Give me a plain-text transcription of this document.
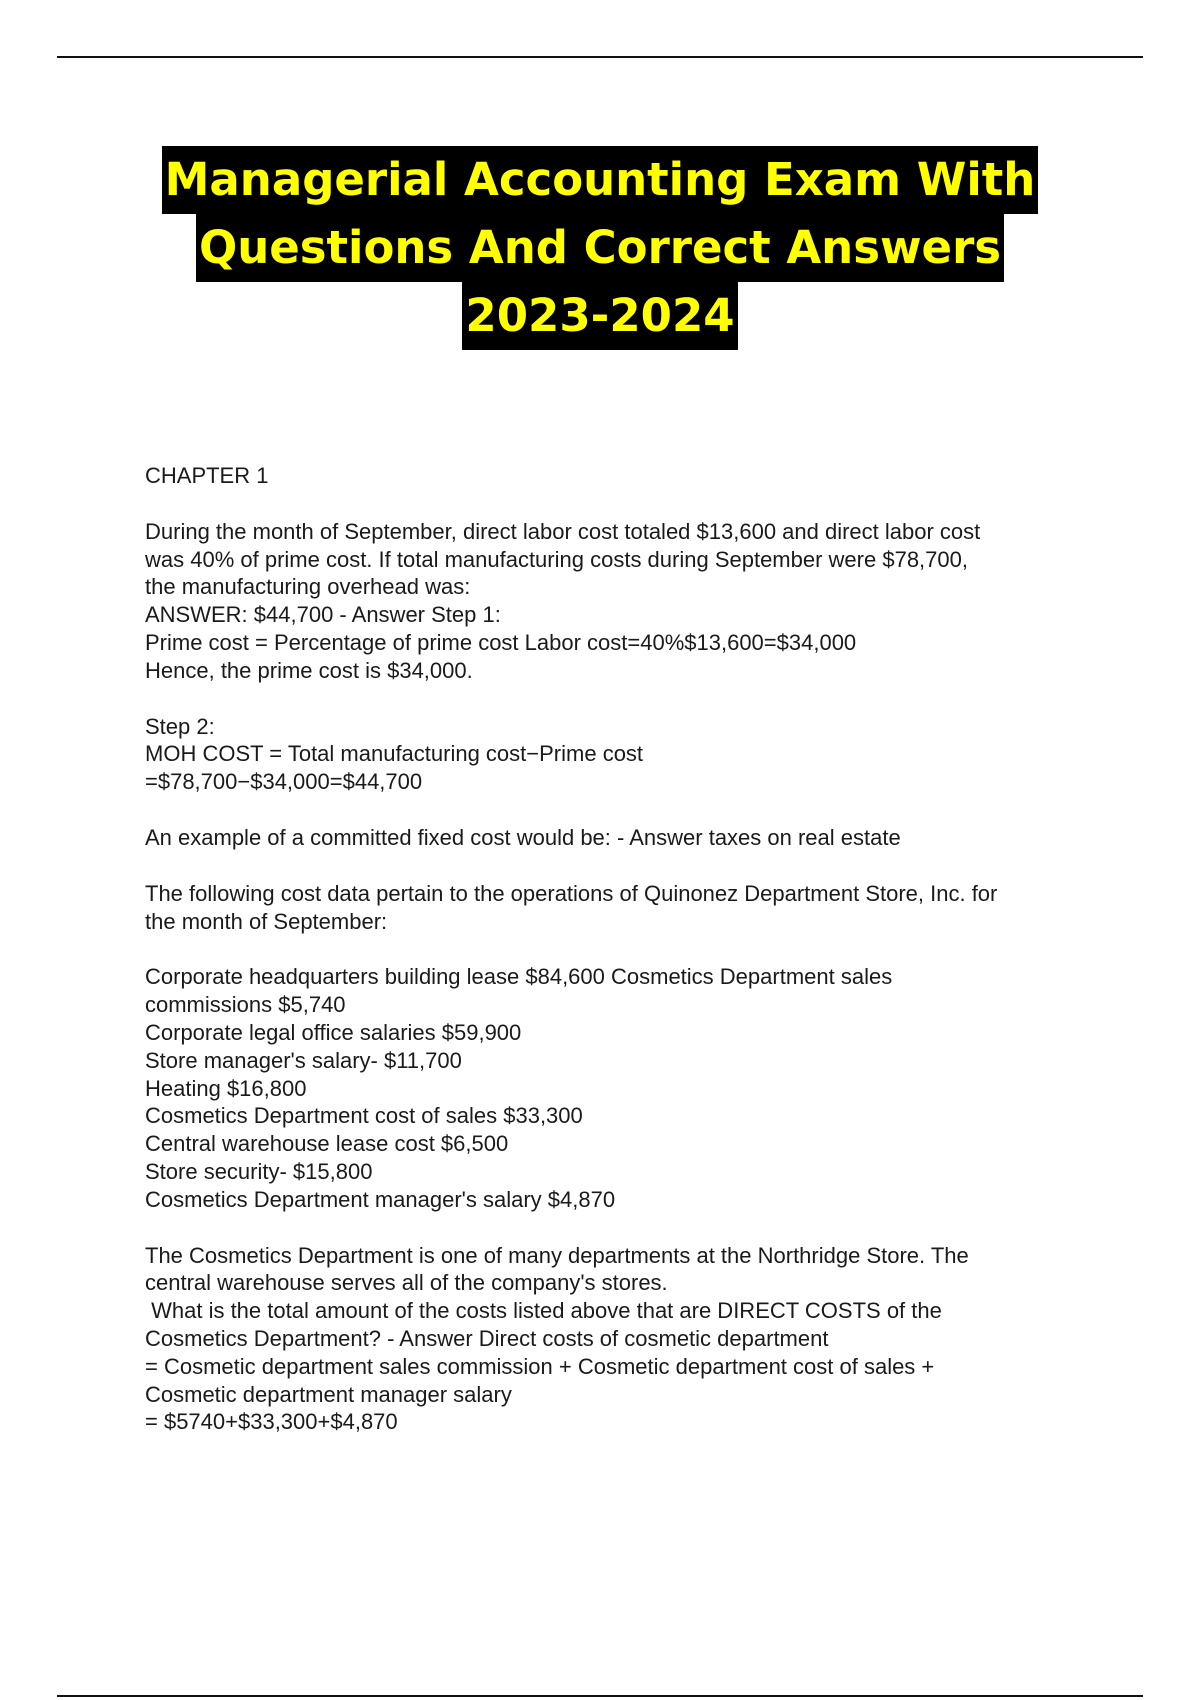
Managerial Accounting Exam With
Questions And Correct Answers
2023-2024

CHAPTER 1

During the month of September, direct labor cost totaled $13,600 and direct labor cost

was 40% of prime cost. If total manufacturing costs during September were $78,700,

the manufacturing overhead was:

ANSWER: $44,700 - Answer Step 1:

Prime cost = Percentage of prime cost Labor cost=40%$13,600=$34,000

Hence, the prime cost is $34,000.

Step 2:

MOH COST = Total manufacturing cost−Prime cost

=$78,700−$34,000=$44,700

An example of a committed fixed cost would be: - Answer taxes on real estate

The following cost data pertain to the operations of Quinonez Department Store, Inc. for

the month of September:

Corporate headquarters building lease $84,600 Cosmetics Department sales

commissions $5,740

Corporate legal office salaries $59,900

Store manager's salary- $11,700

Heating $16,800

Cosmetics Department cost of sales $33,300

Central warehouse lease cost $6,500

Store security- $15,800

Cosmetics Department manager's salary $4,870

The Cosmetics Department is one of many departments at the Northridge Store. The

central warehouse serves all of the company's stores.

What is the total amount of the costs listed above that are DIRECT COSTS of the

Cosmetics Department? - Answer Direct costs of cosmetic department

= Cosmetic department sales commission + Cosmetic department cost of sales +

Cosmetic department manager salary

= $5740+$33,300+$4,870
